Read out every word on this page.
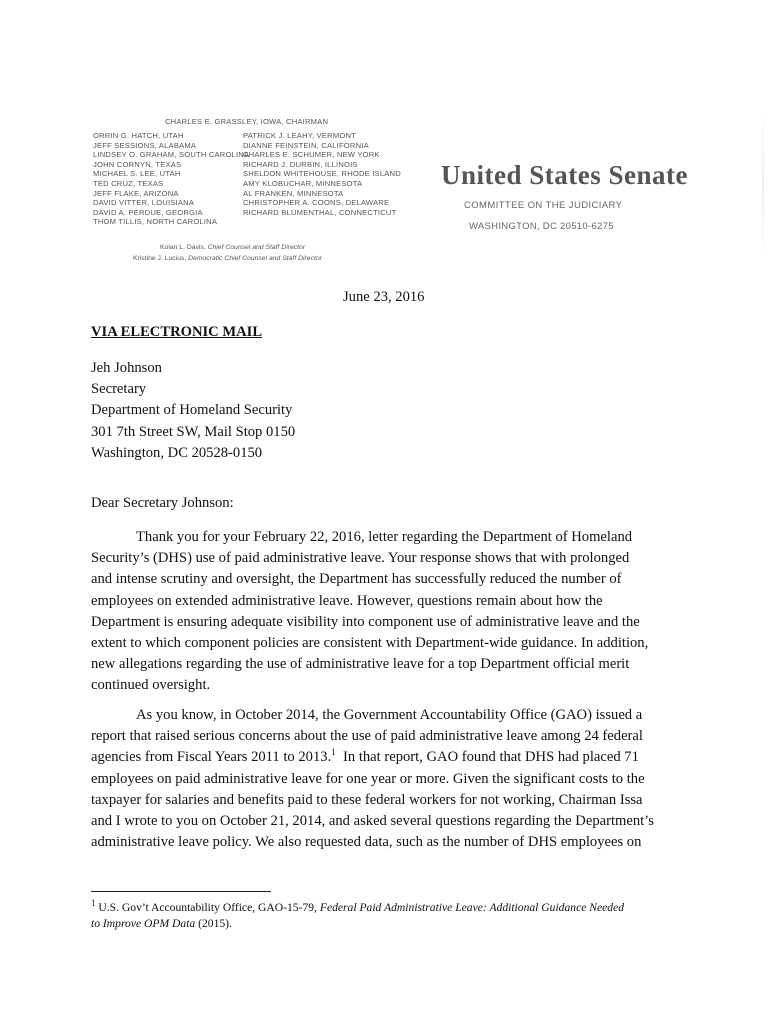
CHARLES E. GRASSLEY, IOWA, CHAIRMAN
ORRIN G. HATCH, UTAH
JEFF SESSIONS, ALABAMA
LINDSEY O. GRAHAM, SOUTH CAROLINA
JOHN CORNYN, TEXAS
MICHAEL S. LEE, UTAH
TED CRUZ, TEXAS
JEFF FLAKE, ARIZONA
DAVID VITTER, LOUISIANA
DAVID A. PERDUE, GEORGIA
THOM TILLIS, NORTH CAROLINA
PATRICK J. LEAHY, VERMONT
DIANNE FEINSTEIN, CALIFORNIA
CHARLES E. SCHUMER, NEW YORK
RICHARD J. DURBIN, ILLINOIS
SHELDON WHITEHOUSE, RHODE ISLAND
AMY KLOBUCHAR, MINNESOTA
AL FRANKEN, MINNESOTA
CHRISTOPHER A. COONS, DELAWARE
RICHARD BLUMENTHAL, CONNECTICUT
Kolan L. Davis, Chief Counsel and Staff Director
Kristine J. Lucius, Democratic Chief Counsel and Staff Director
United States Senate
COMMITTEE ON THE JUDICIARY
WASHINGTON, DC 20510-6275
June 23, 2016
VIA ELECTRONIC MAIL
Jeh Johnson
Secretary
Department of Homeland Security
301 7th Street SW, Mail Stop 0150
Washington, DC 20528-0150
Dear Secretary Johnson:
Thank you for your February 22, 2016, letter regarding the Department of Homeland
Security’s (DHS) use of paid administrative leave. Your response shows that with prolonged
and intense scrutiny and oversight, the Department has successfully reduced the number of
employees on extended administrative leave. However, questions remain about how the
Department is ensuring adequate visibility into component use of administrative leave and the
extent to which component policies are consistent with Department-wide guidance. In addition,
new allegations regarding the use of administrative leave for a top Department official merit
continued oversight.
As you know, in October 2014, the Government Accountability Office (GAO) issued a
report that raised serious concerns about the use of paid administrative leave among 24 federal
agencies from Fiscal Years 2011 to 2013.$^1$ In that report, GAO found that DHS had placed 71
employees on paid administrative leave for one year or more. Given the significant costs to the
taxpayer for salaries and benefits paid to these federal workers for not working, Chairman Issa
and I wrote to you on October 21, 2014, and asked several questions regarding the Department’s
administrative leave policy. We also requested data, such as the number of DHS employees on
$^1$ U.S. Gov’t Accountability Office, GAO-15-79, Federal Paid Administrative Leave: Additional Guidance Needed
to Improve OPM Data (2015).
